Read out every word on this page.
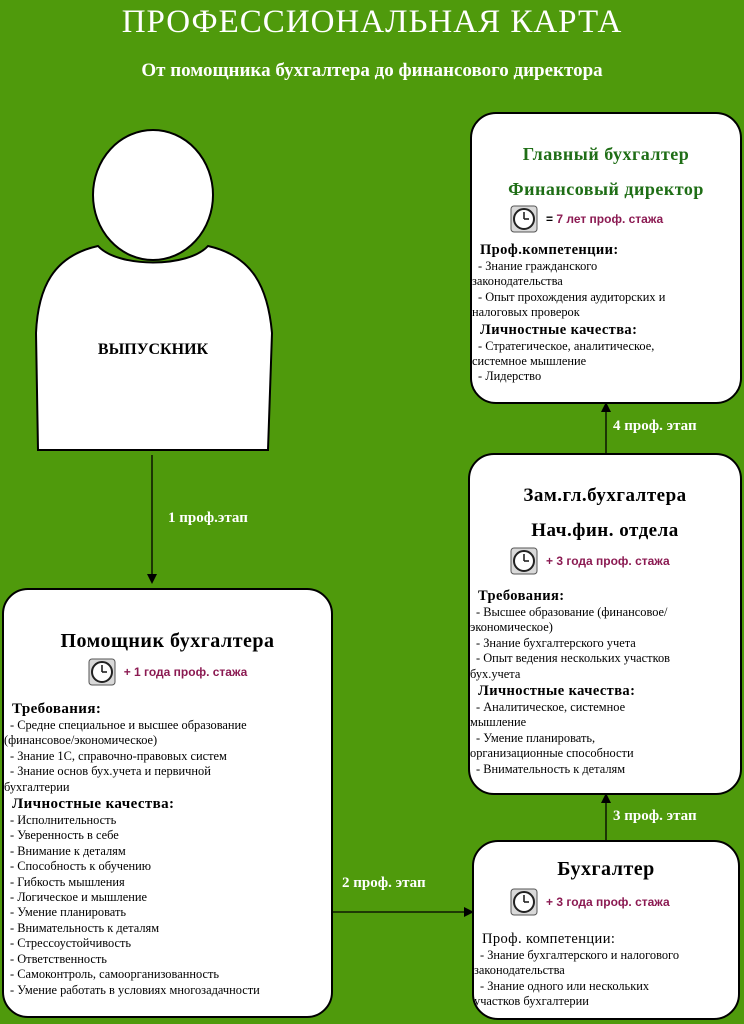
ПРОФЕССИОНАЛЬНАЯ КАРТА
От помощника бухгалтера до финансового директора
ВЫПУСКНИК
1 проф.этап
2 проф. этап
3 проф. этап
4 проф. этап
Помощник бухгалтера
+ 1 года проф. стажа
Требования:
- Средне специальное и высшее образование
(финансовое/экономическое)
- Знание 1С, справочно-правовых систем
- Знание основ бух.учета и первичной
бухгалтерии
Личностные качества:
- Исполнительность
- Уверенность в себе
- Внимание к деталям
- Способность к обучению
- Гибкость мышления
- Логическое и мышление
- Умение планировать
- Внимательность к деталям
- Стрессоустойчивость
- Ответственность
- Самоконтроль, самоорганизованность
- Умение работать в условиях многозадачности
Бухгалтер
+ 3 года проф. стажа
Проф. компетенции:
- Знание бухгалтерского и налогового
законодательства
- Знание одного или нескольких
участков бухгалтерии
Зам.гл.бухгалтера
Нач.фин. отдела
+ 3 года проф. стажа
Требования:
- Высшее образование (финансовое/
экономическое)
- Знание бухгалтерского учета
- Опыт ведения нескольких участков
бух.учета
Личностные качества:
- Аналитическое, системное
мышление
- Умение планировать,
организационные способности
- Внимательность к деталям
Главный бухгалтер
Финансовый директор
= 7 лет проф. стажа
Проф.компетенции:
- Знание гражданского
законодательства
- Опыт прохождения аудиторских и
налоговых проверок
Личностные качества:
- Стратегическое, аналитическое,
системное мышление
- Лидерство
